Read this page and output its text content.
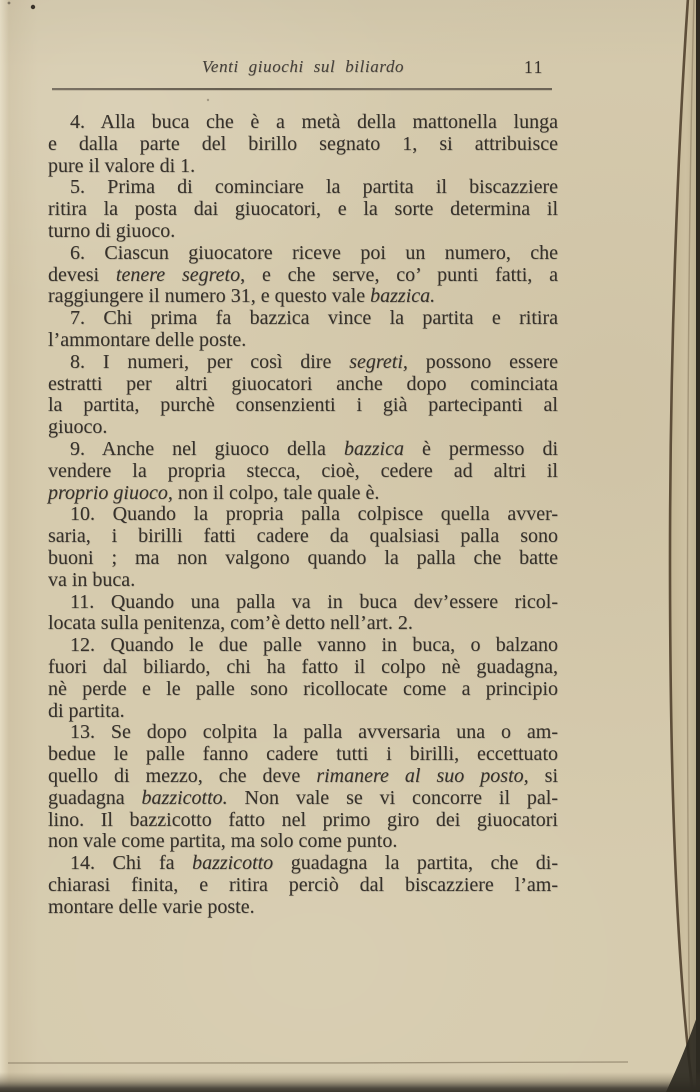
Venti giuochi sul biliardo	11
4. Alla buca che è a metà della mattonella lunga
e dalla parte del birillo segnato 1, si attribuisce
pure il valore di 1.
5. Prima di cominciare la partita il biscazziere
ritira la posta dai giuocatori, e la sorte determina il
turno di giuoco.
6. Ciascun giuocatore riceve poi un numero, che
devesi tenere segreto, e che serve, co’ punti fatti, a
raggiungere il numero 31, e questo vale bazzica.
7. Chi prima fa bazzica vince la partita e ritira
l’ammontare delle poste.
8. I numeri, per così dire segreti, possono essere
estratti per altri giuocatori anche dopo cominciata
la partita, purchè consenzienti i già partecipanti al
giuoco.
9. Anche nel giuoco della bazzica è permesso di
vendere la propria stecca, cioè, cedere ad altri il
proprio giuoco, non il colpo, tale quale è.
10. Quando la propria palla colpisce quella avver-
saria, i birilli fatti cadere da qualsiasi palla sono
buoni ; ma non valgono quando la palla che batte
va in buca.
11. Quando una palla va in buca dev’essere ricol-
locata sulla penitenza, com’è detto nell’art. 2.
12. Quando le due palle vanno in buca, o balzano
fuori dal biliardo, chi ha fatto il colpo nè guadagna,
nè perde e le palle sono ricollocate come a principio
di partita.
13. Se dopo colpita la palla avversaria una o am-
bedue le palle fanno cadere tutti i birilli, eccettuato
quello di mezzo, che deve rimanere al suo posto, si
guadagna bazzicotto. Non vale se vi concorre il pal-
lino. Il bazzicotto fatto nel primo giro dei giuocatori
non vale come partita, ma solo come punto.
14. Chi fa bazzicotto guadagna la partita, che di-
chiarasi finita, e ritira perciò dal biscazziere l’am-
montare delle varie poste.
